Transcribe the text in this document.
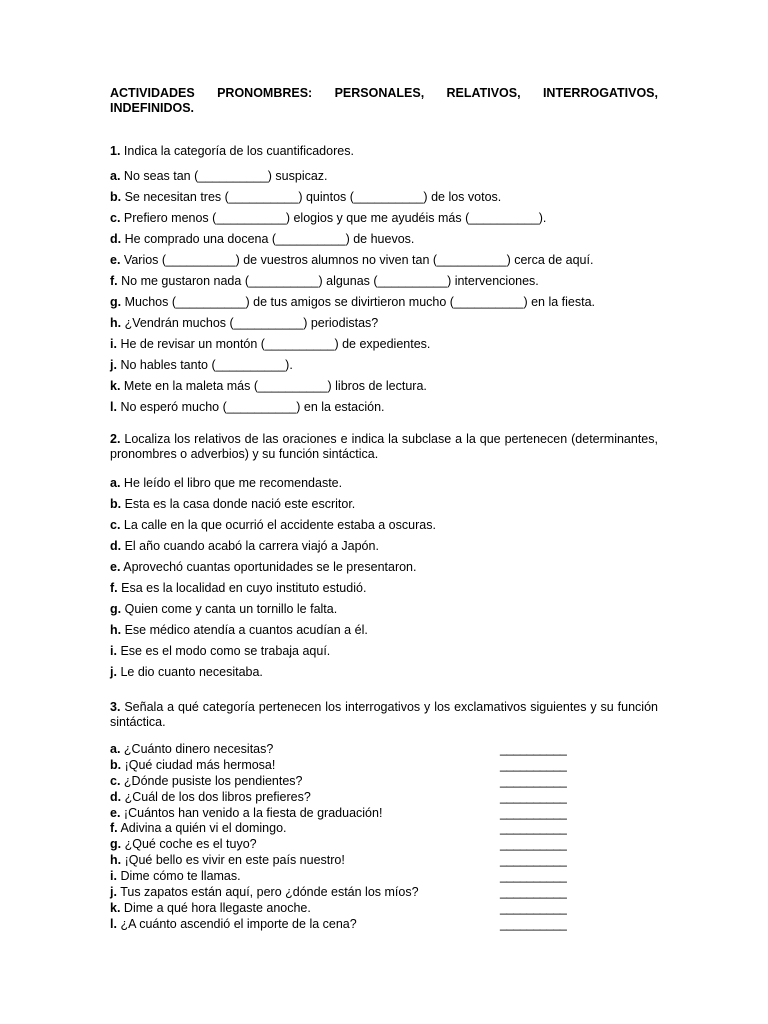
ACTIVIDADES PRONOMBRES: PERSONALES, RELATIVOS, INTERROGATIVOS,

INDEFINIDOS.

1. Indica la categoría de los cuantificadores.

a. No seas tan (__________) suspicaz.
b. Se necesitan tres (__________) quintos (__________) de los votos.
c. Prefiero menos (__________) elogios y que me ayudéis más (__________).
d. He comprado una docena (__________) de huevos.
e. Varios (__________) de vuestros alumnos no viven tan (__________) cerca de aquí.
f. No me gustaron nada (__________) algunas (__________) intervenciones.
g. Muchos (__________) de tus amigos se divirtieron mucho (__________) en la fiesta.
h. ¿Vendrán muchos (__________) periodistas?
i. He de revisar un montón (__________) de expedientes.
j. No hables tanto (__________).
k. Mete en la maleta más (__________) libros de lectura.
l. No esperó mucho (__________) en la estación.

2. Localiza los relativos de las oraciones e indica la subclase a la que pertenecen (determinantes, pronombres o adverbios) y su función sintáctica.

a. He leído el libro que me recomendaste.
b. Esta es la casa donde nació este escritor.
c. La calle en la que ocurrió el accidente estaba a oscuras.
d. El año cuando acabó la carrera viajó a Japón.
e. Aprovechó cuantas oportunidades se le presentaron.
f. Esa es la localidad en cuyo instituto estudió.
g. Quien come y canta un tornillo le falta.
h. Ese médico atendía a cuantos acudían a él.
i. Ese es el modo como se trabaja aquí.
j. Le dio cuanto necesitaba.

3. Señala a qué categoría pertenecen los interrogativos y los exclamativos siguientes y su función sintáctica.

a. ¿Cuánto dinero necesitas?	__________
b. ¡Qué ciudad más hermosa!	__________
c. ¿Dónde pusiste los pendientes?	__________
d. ¿Cuál de los dos libros prefieres?	__________
e. ¡Cuántos han venido a la fiesta de graduación!	__________
f. Adivina a quién vi el domingo.	__________
g. ¿Qué coche es el tuyo?	__________
h. ¡Qué bello es vivir en este país nuestro!	__________
i. Dime cómo te llamas.	__________
j. Tus zapatos están aquí, pero ¿dónde están los míos?	__________
k. Dime a qué hora llegaste anoche.	__________
l. ¿A cuánto ascendió el importe de la cena?	__________
